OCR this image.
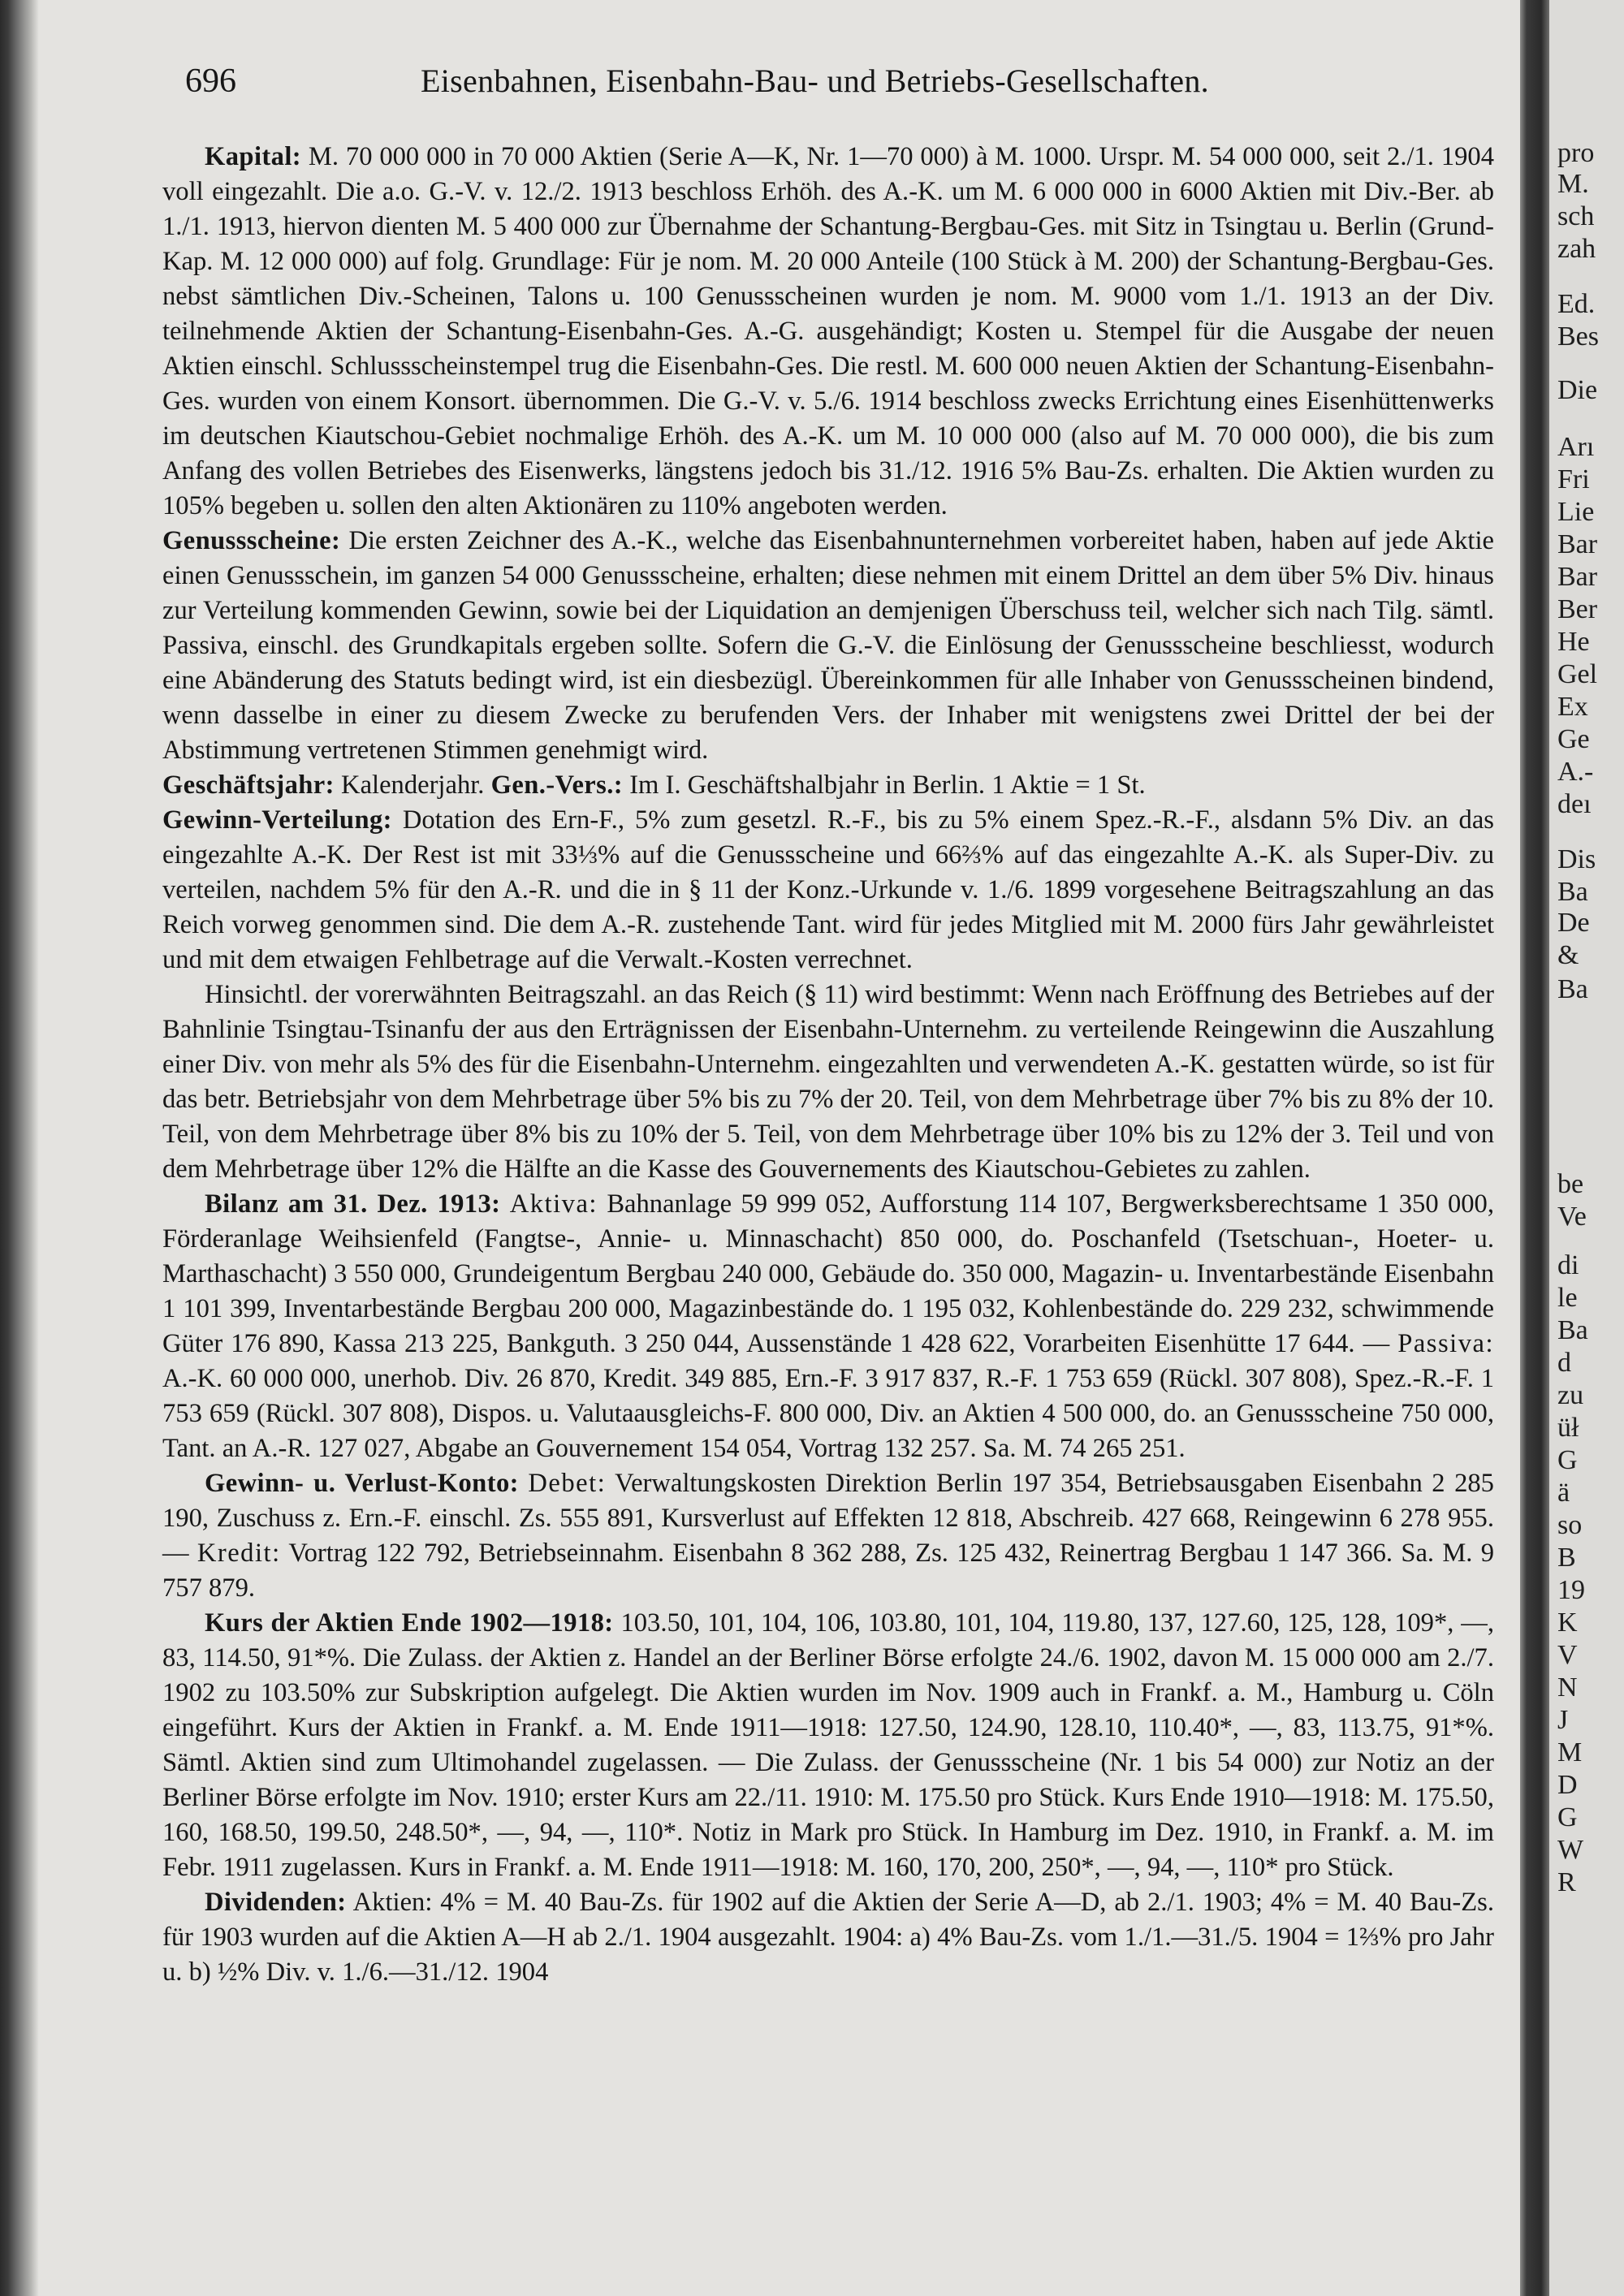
696	Eisenbahnen, Eisenbahn-Bau- und Betriebs-Gesellschaften.

Kapital: M. 70 000 000 in 70 000 Aktien (Serie A—K, Nr. 1—70 000) à M. 1000. Urspr. M. 54 000 000, seit 2./1. 1904 voll eingezahlt. Die a.o. G.-V. v. 12./2. 1913 beschloss Erhöh. des A.-K. um M. 6 000 000 in 6000 Aktien mit Div.-Ber. ab 1./1. 1913, hiervon dienten M. 5 400 000 zur Übernahme der Schantung-Bergbau-Ges. mit Sitz in Tsingtau u. Berlin (Grund-Kap. M. 12 000 000) auf folg. Grundlage: Für je nom. M. 20 000 Anteile (100 Stück à M. 200) der Schantung-Bergbau-Ges. nebst sämtlichen Div.-Scheinen, Talons u. 100 Genussscheinen wurden je nom. M. 9000 vom 1./1. 1913 an der Div. teilnehmende Aktien der Schantung-Eisenbahn-Ges. A.-G. ausgehändigt; Kosten u. Stempel für die Ausgabe der neuen Aktien einschl. Schlussscheinstempel trug die Eisenbahn-Ges. Die restl. M. 600 000 neuen Aktien der Schantung-Eisenbahn-Ges. wurden von einem Konsort. übernommen. Die G.-V. v. 5./6. 1914 beschloss zwecks Errichtung eines Eisenhüttenwerks im deutschen Kiautschou-Gebiet nochmalige Erhöh. des A.-K. um M. 10 000 000 (also auf M. 70 000 000), die bis zum Anfang des vollen Betriebes des Eisenwerks, längstens jedoch bis 31./12. 1916 5% Bau-Zs. erhalten. Die Aktien wurden zu 105% begeben u. sollen den alten Aktionären zu 110% angeboten werden.

Genussscheine: Die ersten Zeichner des A.-K., welche das Eisenbahnunternehmen vorbereitet haben, haben auf jede Aktie einen Genussschein, im ganzen 54 000 Genussscheine, erhalten; diese nehmen mit einem Drittel an dem über 5% Div. hinaus zur Verteilung kommenden Gewinn, sowie bei der Liquidation an demjenigen Überschuss teil, welcher sich nach Tilg. sämtl. Passiva, einschl. des Grundkapitals ergeben sollte. Sofern die G.-V. die Einlösung der Genussscheine beschliesst, wodurch eine Abänderung des Statuts bedingt wird, ist ein diesbezügl. Übereinkommen für alle Inhaber von Genussscheinen bindend, wenn dasselbe in einer zu diesem Zwecke zu berufenden Vers. der Inhaber mit wenigstens zwei Drittel der bei der Abstimmung vertretenen Stimmen genehmigt wird.

Geschäftsjahr: Kalenderjahr. Gen.-Vers.: Im I. Geschäftshalbjahr in Berlin. 1 Aktie = 1 St.

Gewinn-Verteilung: Dotation des Ern-F., 5% zum gesetzl. R.-F., bis zu 5% einem Spez.-R.-F., alsdann 5% Div. an das eingezahlte A.-K. Der Rest ist mit 33⅓% auf die Genussscheine und 66⅔% auf das eingezahlte A.-K. als Super-Div. zu verteilen, nachdem 5% für den A.-R. und die in § 11 der Konz.-Urkunde v. 1./6. 1899 vorgesehene Beitragszahlung an das Reich vorweg genommen sind. Die dem A.-R. zustehende Tant. wird für jedes Mitglied mit M. 2000 fürs Jahr gewährleistet und mit dem etwaigen Fehlbetrage auf die Verwalt.-Kosten verrechnet.

Hinsichtl. der vorerwähnten Beitragszahl. an das Reich (§ 11) wird bestimmt: Wenn nach Eröffnung des Betriebes auf der Bahnlinie Tsingtau-Tsinanfu der aus den Erträgnissen der Eisenbahn-Unternehm. zu verteilende Reingewinn die Auszahlung einer Div. von mehr als 5% des für die Eisenbahn-Unternehm. eingezahlten und verwendeten A.-K. gestatten würde, so ist für das betr. Betriebsjahr von dem Mehrbetrage über 5% bis zu 7% der 20. Teil, von dem Mehrbetrage über 7% bis zu 8% der 10. Teil, von dem Mehrbetrage über 8% bis zu 10% der 5. Teil, von dem Mehrbetrage über 10% bis zu 12% der 3. Teil und von dem Mehrbetrage über 12% die Hälfte an die Kasse des Gouvernements des Kiautschou-Gebietes zu zahlen.

Bilanz am 31. Dez. 1913: Aktiva: Bahnanlage 59 999 052, Aufforstung 114 107, Bergwerksberechtsame 1 350 000, Förderanlage Weihsienfeld (Fangtse-, Annie- u. Minnaschacht) 850 000, do. Poschanfeld (Tsetschuan-, Hoeter- u. Marthaschacht) 3 550 000, Grundeigentum Bergbau 240 000, Gebäude do. 350 000, Magazin- u. Inventarbestände Eisenbahn 1 101 399, Inventarbestände Bergbau 200 000, Magazinbestände do. 1 195 032, Kohlenbestände do. 229 232, schwimmende Güter 176 890, Kassa 213 225, Bankguth. 3 250 044, Aussenstände 1 428 622, Vorarbeiten Eisenhütte 17 644. — Passiva: A.-K. 60 000 000, unerhob. Div. 26 870, Kredit. 349 885, Ern.-F. 3 917 837, R.-F. 1 753 659 (Rückl. 307 808), Spez.-R.-F. 1 753 659 (Rückl. 307 808), Dispos. u. Valutaausgleichs-F. 800 000, Div. an Aktien 4 500 000, do. an Genussscheine 750 000, Tant. an A.-R. 127 027, Abgabe an Gouvernement 154 054, Vortrag 132 257. Sa. M. 74 265 251.

Gewinn- u. Verlust-Konto: Debet: Verwaltungskosten Direktion Berlin 197 354, Betriebsausgaben Eisenbahn 2 285 190, Zuschuss z. Ern.-F. einschl. Zs. 555 891, Kursverlust auf Effekten 12 818, Abschreib. 427 668, Reingewinn 6 278 955. — Kredit: Vortrag 122 792, Betriebseinnahm. Eisenbahn 8 362 288, Zs. 125 432, Reinertrag Bergbau 1 147 366. Sa. M. 9 757 879.

Kurs der Aktien Ende 1902—1918: 103.50, 101, 104, 106, 103.80, 101, 104, 119.80, 137, 127.60, 125, 128, 109*, —, 83, 114.50, 91*%. Die Zulass. der Aktien z. Handel an der Berliner Börse erfolgte 24./6. 1902, davon M. 15 000 000 am 2./7. 1902 zu 103.50% zur Subskription aufgelegt. Die Aktien wurden im Nov. 1909 auch in Frankf. a. M., Hamburg u. Cöln eingeführt. Kurs der Aktien in Frankf. a. M. Ende 1911—1918: 127.50, 124.90, 128.10, 110.40*, —, 83, 113.75, 91*%. Sämtl. Aktien sind zum Ultimohandel zugelassen. — Die Zulass. der Genussscheine (Nr. 1 bis 54 000) zur Notiz an der Berliner Börse erfolgte im Nov. 1910; erster Kurs am 22./11. 1910: M. 175.50 pro Stück. Kurs Ende 1910—1918: M. 175.50, 160, 168.50, 199.50, 248.50*, —, 94, —, 110*. Notiz in Mark pro Stück. In Hamburg im Dez. 1910, in Frankf. a. M. im Febr. 1911 zugelassen. Kurs in Frankf. a. M. Ende 1911—1918: M. 160, 170, 200, 250*, —, 94, —, 110* pro Stück.

Dividenden: Aktien: 4% = M. 40 Bau-Zs. für 1902 auf die Aktien der Serie A—D, ab 2./1. 1903; 4% = M. 40 Bau-Zs. für 1903 wurden auf die Aktien A—H ab 2./1. 1904 ausgezahlt. 1904: a) 4% Bau-Zs. vom 1./1.—31./5. 1904 = 1⅔% pro Jahr u. b) ½% Div. v. 1./6.—31./12. 1904

pro
M.
sch
zah
Ed.
Bes
Die
Arı
Fri
Lie
Bar
Bar
Ber
He
Gel
Ex
Ge
A.-
deı
Dis
Ba
De
&
Ba
be
Ve
di
le
Ba
d
zu
üł
G
ä
so
B
19
K
V
N
J
M
D
G
W
R
